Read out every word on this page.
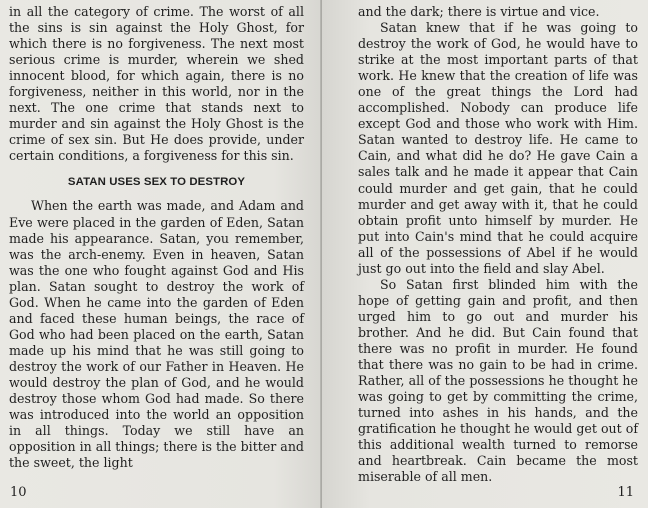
in all the category of crime. The worst of all the sins is sin against the Holy Ghost, for which there is no forgiveness. The next most serious crime is murder, wherein we shed innocent blood, for which again, there is no forgiveness, neither in this world, nor in the next. The one crime that stands next to murder and sin against the Holy Ghost is the crime of sex sin. But He does provide, under certain conditions, a forgiveness for this sin.

SATAN USES SEX TO DESTROY

When the earth was made, and Adam and Eve were placed in the garden of Eden, Satan made his appearance. Satan, you remember, was the arch-enemy. Even in heaven, Satan was the one who fought against God and His plan. Satan sought to destroy the work of God. When he came into the garden of Eden and faced these human beings, the race of God who had been placed on the earth, Satan made up his mind that he was still going to destroy the work of our Father in Heaven. He would destroy the plan of God, and he would destroy those whom God had made. So there was introduced into the world an opposition in all things. Today we still have an opposition in all things; there is the bitter and the sweet, the light

10

and the dark; there is virtue and vice.

Satan knew that if he was going to destroy the work of God, he would have to strike at the most important parts of that work. He knew that the creation of life was one of the great things the Lord had accomplished. Nobody can produce life except God and those who work with Him. Satan wanted to destroy life. He came to Cain, and what did he do? He gave Cain a sales talk and he made it appear that Cain could murder and get gain, that he could murder and get away with it, that he could obtain profit unto himself by murder. He put into Cain's mind that he could acquire all of the possessions of Abel if he would just go out into the field and slay Abel.

So Satan first blinded him with the hope of getting gain and profit, and then urged him to go out and murder his brother. And he did. But Cain found that there was no profit in murder. He found that there was no gain to be had in crime. Rather, all of the possessions he thought he was going to get by committing the crime, turned into ashes in his hands, and the gratification he thought he would get out of this additional wealth turned to remorse and heartbreak. Cain became the most miserable of all men.

11
